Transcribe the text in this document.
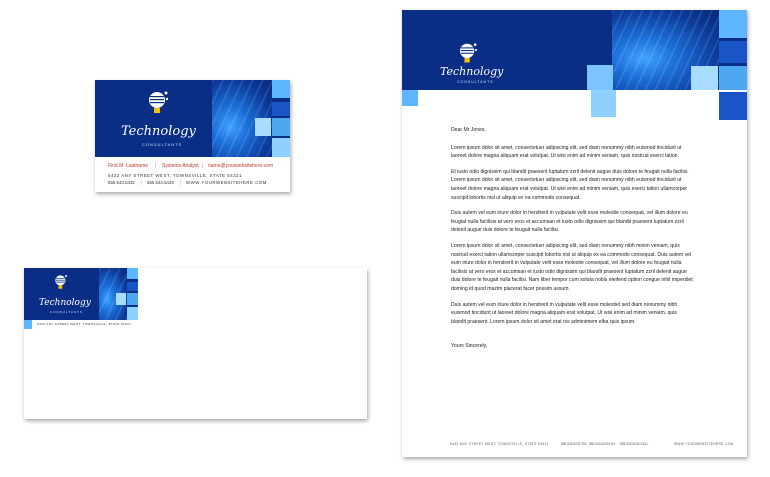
Technology
CONSULTANTS
First M. Lastname | Systems Analyst | name@yourwebsitehere.com
5432 ANY STREET WEST, TOWNSVILLE, STATE 54321
555.543.5432 | 555.543.5433 | WWW.YOURWEBSITEHERE.COM
Technology
CONSULTANTS
5432 ANY STREET WEST, TOWNSVILLE, STATE 54321
Technology
CONSULTANTS
5432 ANY STREET WEST, TOWNSVILLE, STATE 54321	555.543.5432 TEL 555.543.5433 FAX 555.543.5434 CELL	WWW.YOURWEBSITEHERE.COM

Dear Mr Jones,

Lorem ipsum dolor sit amet, consectetuer adipiscing elit, sed diam nonummy nibh euismod tincidunt ut laoreet dolore magna aliquam erat volutpat. Ut wisi enim ad minim veniam, quis nostrud exerci tation.

Et iusto odio dignissim qui blandit praesent luptatum zzril delenit augue duis dolore te feugait nulla facilisi. Lorem ipsum dolor sit amet, consectetuer adipiscing elit, sed diam nonummy nibh euismod tincidunt ut laoreet dolore magna aliquam erat volutpat. Ut wisi enim ad minim veniam, quis exerci tation ullamcorper suscipit lobortis nisl ut aliquip ex ea commodo consequat.

Duis autem vel eum iriure dolor in hendrerit in vulputate velit esse molestie consequat, vel illum dolore eu feugiat nulla facilisis at vero eros et accumsan et iusto odio dignissim qui blandit praesent luptatum zzril delenit augue duis dolore te feugait nulla facilisi.

Lorem ipsum dolor sit amet, consectetuer adipiscing elit, sed diam nonummy nibh minim veniam, quis nostrud exerci tation ullamcorper suscipit lobortis nisl ut aliquip ex ea commodo consequat. Duis autem vel eum iriure dolor in hendrerit in vulputate velit esse molestie consequat, vel illum dolore eu feugiat nulla facilisis at vero eros et accumsan et iusto odio dignissim qui blandit praesent luptatum zzril delenit augue duis dolore te feugait nulla facilisi. Nam liber tempor cum soluta nobis eleifend option congue nihil imperdiet doming id quod mazim placerat facer possim assum.

Duis autem vel eum iriure dolor in hendrerit in vulputate velit esse molestiet sed diam nonummy nibh euismod tincidunt ut laoreet dolore magna aliquam erat volutpat. Ut wisi enim ad minim veniam, quis blandit praesent. Lorem ipsum dolor sit amet erat nis adminimem elba quis ipsum.

Yours Sincerely,
